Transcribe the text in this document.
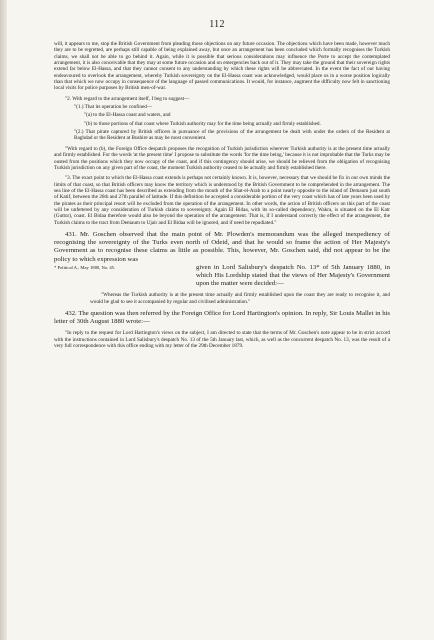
112

will, it appears to me, stop the British Government from pleading those objections on any future occasion. The objections which have been made, however much they are to be regretted, are perhaps still capable of being explained away, but once an arrangement has been concluded which formally recognises the Turkish claims, we shall not be able to go behind it. Again, while it is possible that serious considerations may influence the Porte to accept the contemplated arrangement, it is also conceivable that they may at some future occasion and on emergencies back out of it. They may take the ground that their sovereign rights extend far below El-Hassa, and that they cannot consent to any understanding by which these rights will be abbreviated. In the event the fact of our having endeavoured to overlook the arrangement, whereby Turkish sovereignty on the El-Hassa coast was acknowledged, would place us in a worse position logically than that which we now occupy in consequence of the language of passed communications. It would, for instance, augment the difficulty now felt in sanctioning local visits for police purposes by British men-of-war.

"2. With regard to the arrangement itself, I beg to suggest—

"(1.) That its operation be confined—

"(a) to the El-Hassa coast and waters, and

"(b) to those portions of that coast where Turkish authority may for the time being actually and firmly established.

"(2.) That pirate captured by British officers in pursuance of the provisions of the arrangement be dealt with under the orders of the Resident at Baghdad or the Resident at Bushire as may be most convenient.

"With regard to (b), the Foreign Office despatch proposes the recognition of Turkish jurisdiction wherever Turkish authority is at the present time actually and firmly established. For the words 'at the present time' I propose to substitute the words 'for the time being,' because it is not improbable that the Turks may be ousted from the positions which they now occupy of the coast, and if this contingency should arise, we should be relieved from the obligation of recognising Turkish jurisdiction on any given part of the coast, the moment Turkish authority ceased to be actually and firmly established there.

"3. The exact point to which the El-Hassa coast extends is perhaps not certainly known. It is, however, necessary that we should be fix in our own minds the limits of that coast, so that British officers may know the territory which is understood by the British Government to be comprehended in the arrangement. The sea line of the El-Hassa coast has been described as extending from the mouth of the Shat-el-Arab to a point nearly opposite to the island of Demaum just south of Katif, between the 26th and 27th parallel of latitude. If this definition be accepted a considerable portion of the very coast which has of late years been used by the pirates as their principal resort will be excluded from the operation of the arrangement. In other words, the action of British officers on this part of the coast will be unfettered by any consideration of Turkish claims to sovereignty. Again El Bidaa, with its so-called dependency, Wakra, is situated on the El Katr (Guttur), coast. El Bidaa therefore would also be beyond the operation of the arrangement. That is, if I understand correctly the effect of the arrangement, the Turkish claims to the tract from Demaum to Ujair and El Bidaa will be ignored, and if need be repudiated."

431. Mr. Goschen observed that the main point of Mr. Plowden's memorandum was the alleged inexpediency of recognising the sovereignty of the Turks even north of Odeid, and that he would so frame the action of Her Majesty's Government as to recognise these claims as little as possible. This, however, Mr. Goschen said, did not appear to be the policy to which expression was

* Political A., May 1880, No. 45.	given in Lord Salisbury's despatch No. 13* of 5th January 1880, in which His Lordship stated that the views of Her Majesty's Government upon the matter were decided:—

"Whereas the Turkish authority is at the present time actually and firmly established upon the coast they are ready to recognise it, and would be glad to see it accompanied by regular and civilised administration."

432. The question was then referred by the Foreign Office for Lord Hartington's opinion. In reply, Sir Louis Mallet in his letter of 30th August 1880 wrote:—

"In reply to the request for Lord Hartington's views on the subject, I am directed to state that the terms of Mr. Goschen's note appear to be in strict accord with the instructions contained in Lord Salisbury's despatch No. 13 of the 5th January last, which, as well as the concurrent despatch No. 13, was the result of a very full correspondence with this office ending with my letter of the 29th December 1879.
